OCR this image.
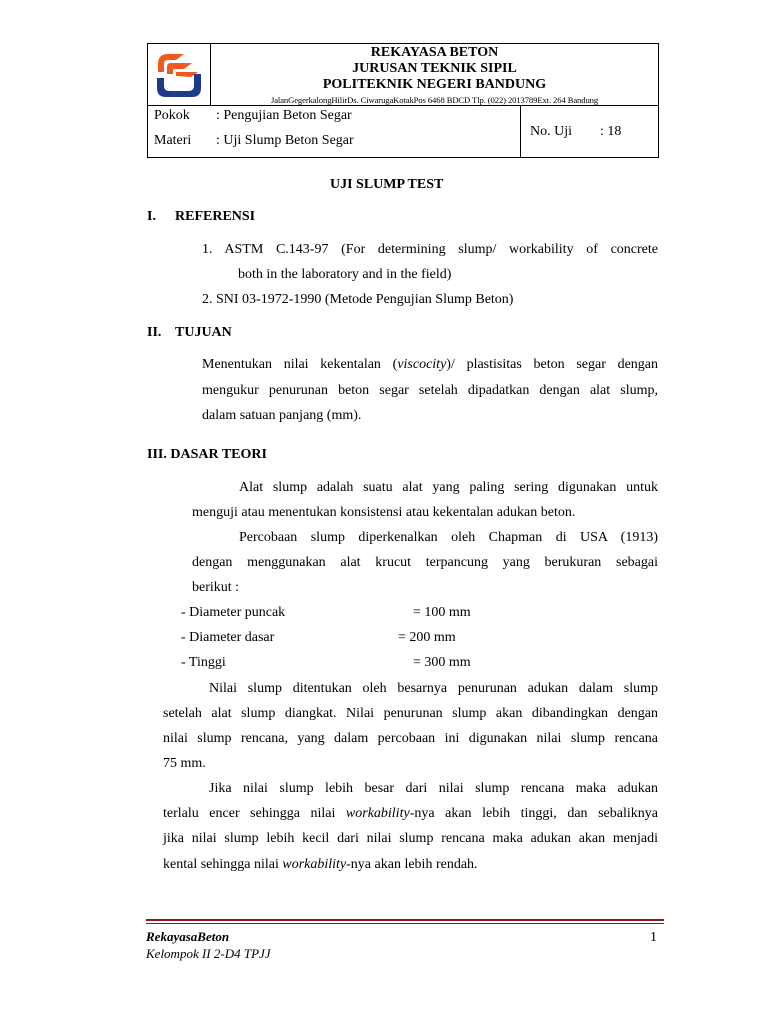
REKAYASA BETON
JURUSAN TEKNIK SIPIL
POLITEKNIK NEGERI BANDUNG
JalanGegerkalongHilirDs. CiwarugaKotakPos 6468 BDCD Tlp. (022) 2013789Ext. 264 Bandung
Pokok : Pengujian Beton Segar
Materi : Uji Slump Beton Segar
No. Uji : 18
UJI SLUMP TEST
I. REFERENSI
1. ASTM C.143-97 (For determining slump/ workability of concrete
both in the laboratory and in the field)
2. SNI 03-1972-1990 (Metode Pengujian Slump Beton)
II. TUJUAN
Menentukan nilai kekentalan (viscocity)/ plastisitas beton segar dengan
mengukur penurunan beton segar setelah dipadatkan dengan alat slump,
dalam satuan panjang (mm).
III. DASAR TEORI
Alat slump adalah suatu alat yang paling sering digunakan untuk
menguji atau menentukan konsistensi atau kekentalan adukan beton.
Percobaan slump diperkenalkan oleh Chapman di USA (1913)
dengan menggunakan alat krucut terpancung yang berukuran sebagai
berikut :
- Diameter puncak	= 100 mm
- Diameter dasar	= 200 mm
- Tinggi	= 300 mm
Nilai slump ditentukan oleh besarnya penurunan adukan dalam slump
setelah alat slump diangkat. Nilai penurunan slump akan dibandingkan dengan
nilai slump rencana, yang dalam percobaan ini digunakan nilai slump rencana
75 mm.
Jika nilai slump lebih besar dari nilai slump rencana maka adukan
terlalu encer sehingga nilai workability-nya akan lebih tinggi, dan sebaliknya
jika nilai slump lebih kecil dari nilai slump rencana maka adukan akan menjadi
kental sehingga nilai workability-nya akan lebih rendah.
RekayasaBeton
Kelompok II 2-D4 TPJJ
1
